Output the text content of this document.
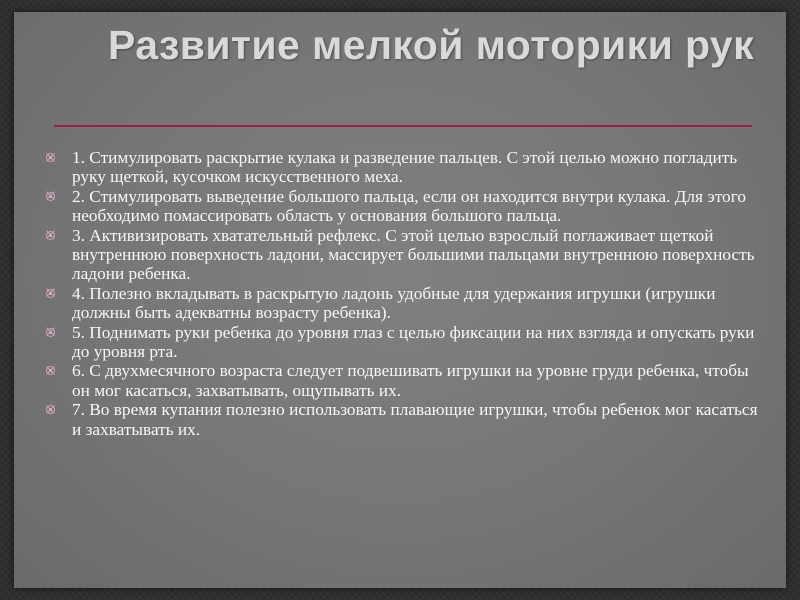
Развитие мелкой моторики рук
1. Стимулировать раскрытие кулака и разведение пальцев. С этой целью можно погладить руку щеткой, кусочком искусственного меха.
2. Стимулировать выведение большого пальца, если он находится внутри кулака. Для этого необходимо помассировать область у основания большого пальца.
3. Активизировать хватательный рефлекс. С этой целью взрослый поглаживает щеткой внутреннюю поверхность ладони, массирует большими пальцами внутреннюю поверхность ладони ребенка.
4. Полезно вкладывать в раскрытую ладонь удобные для удержания игрушки (игрушки должны быть адекватны возрасту ребенка).
5. Поднимать руки ребенка до уровня глаз с целью фиксации на них взгляда и опускать руки до уровня рта.
6. С двухмесячного возраста следует подвешивать игрушки на уровне груди ребенка, чтобы он мог касаться, захватывать, ощупывать их.
7. Во время купания полезно использовать плавающие игрушки, чтобы ребенок мог касаться и захватывать их.
